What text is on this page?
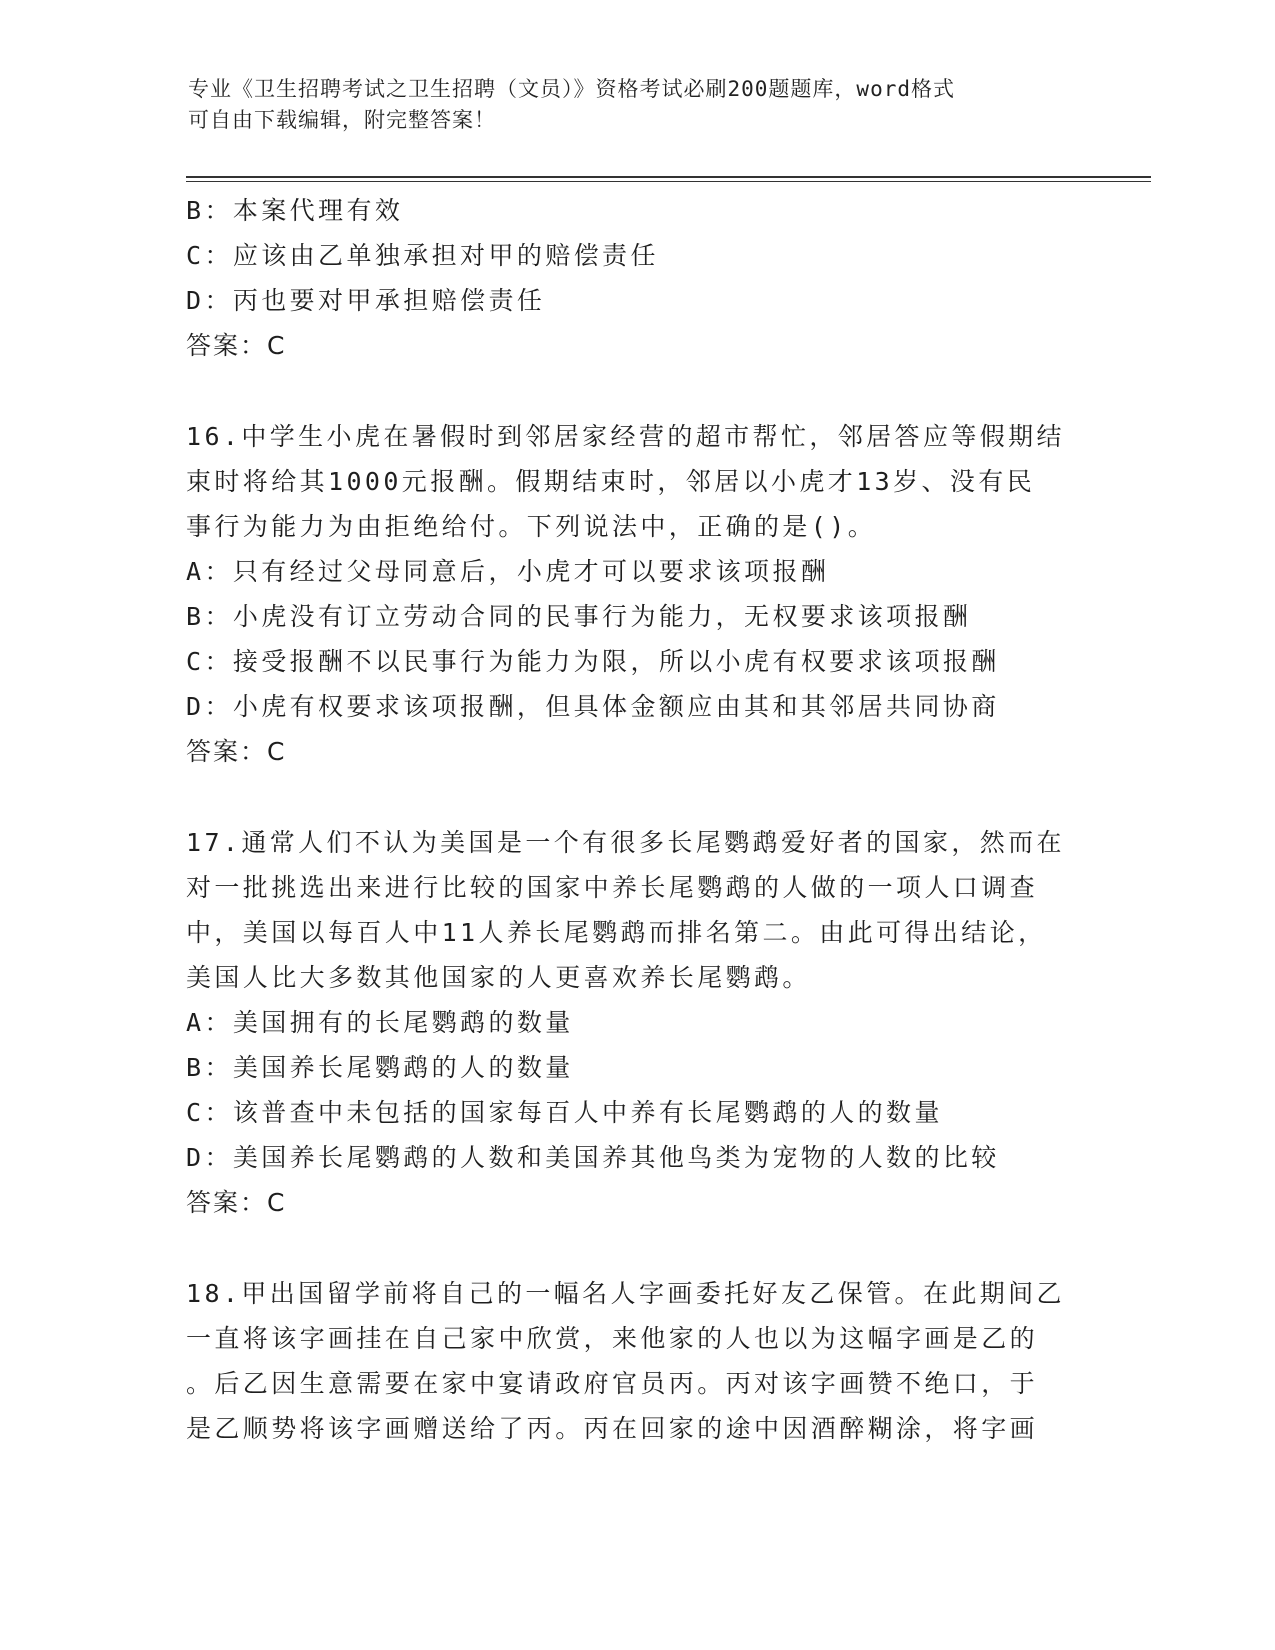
专业《卫生招聘考试之卫生招聘（文员）》资格考试必刷200题题库，word格式
可自由下载编辑，附完整答案！
B：本案代理有效
C：应该由乙单独承担对甲的赔偿责任
D：丙也要对甲承担赔偿责任
答案：C
16.中学生小虎在暑假时到邻居家经营的超市帮忙，邻居答应等假期结
束时将给其1000元报酬。假期结束时，邻居以小虎才13岁、没有民
事行为能力为由拒绝给付。下列说法中，正确的是()。
A：只有经过父母同意后，小虎才可以要求该项报酬
B：小虎没有订立劳动合同的民事行为能力，无权要求该项报酬
C：接受报酬不以民事行为能力为限，所以小虎有权要求该项报酬
D：小虎有权要求该项报酬，但具体金额应由其和其邻居共同协商
答案：C
17.通常人们不认为美国是一个有很多长尾鹦鹉爱好者的国家，然而在
对一批挑选出来进行比较的国家中养长尾鹦鹉的人做的一项人口调查
中，美国以每百人中11人养长尾鹦鹉而排名第二。由此可得出结论，
美国人比大多数其他国家的人更喜欢养长尾鹦鹉。
A：美国拥有的长尾鹦鹉的数量
B：美国养长尾鹦鹉的人的数量
C：该普查中未包括的国家每百人中养有长尾鹦鹉的人的数量
D：美国养长尾鹦鹉的人数和美国养其他鸟类为宠物的人数的比较
答案：C
18.甲出国留学前将自己的一幅名人字画委托好友乙保管。在此期间乙
一直将该字画挂在自己家中欣赏，来他家的人也以为这幅字画是乙的
。后乙因生意需要在家中宴请政府官员丙。丙对该字画赞不绝口，于
是乙顺势将该字画赠送给了丙。丙在回家的途中因酒醉糊涂，将字画
